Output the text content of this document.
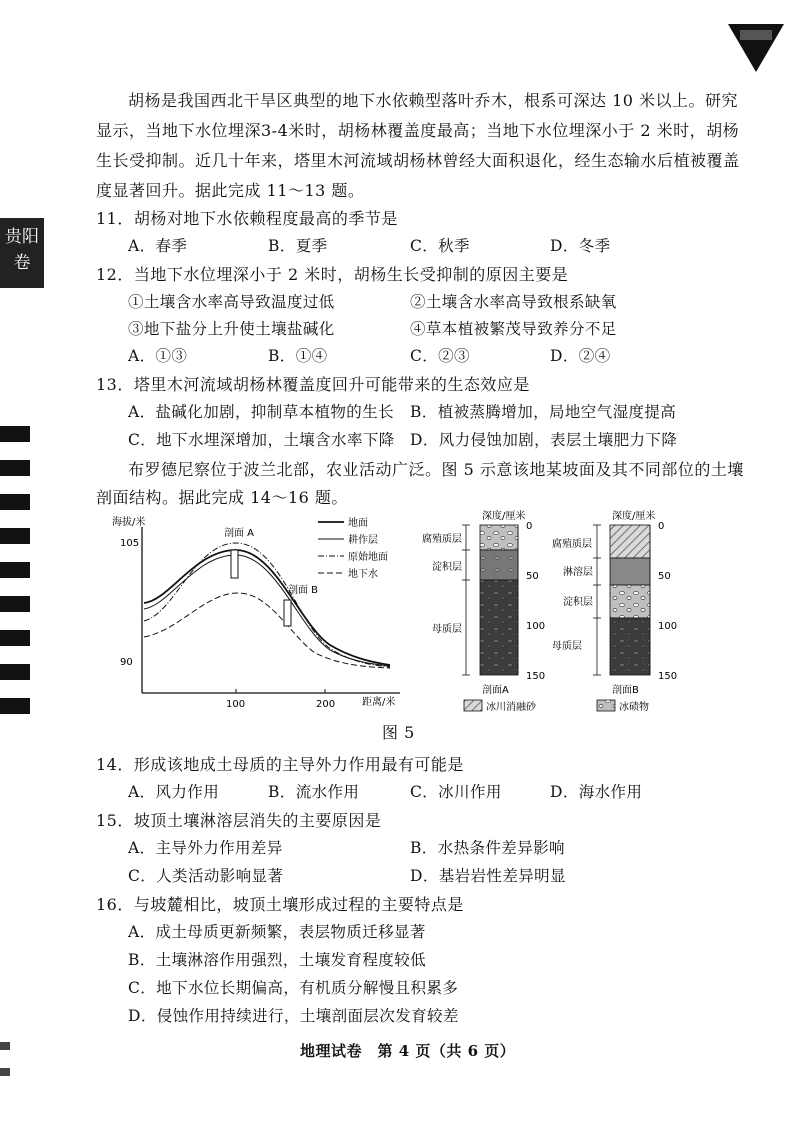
贵阳
卷
胡杨是我国西北干旱区典型的地下水依赖型落叶乔木，根系可深达 10 米以上。研究
显示，当地下水位埋深3-4米时，胡杨林覆盖度最高；当地下水位埋深小于 2 米时，胡杨
生长受抑制。近几十年来，塔里木河流域胡杨林曾经大面积退化，经生态输水后植被覆盖
度显著回升。据此完成 11～13 题。
11．胡杨对地下水依赖程度最高的季节是
A．春季	B．夏季	C．秋季	D．冬季
12．当地下水位埋深小于 2 米时，胡杨生长受抑制的原因主要是
①土壤含水率高导致温度过低	②土壤含水率高导致根系缺氧
③地下盐分上升使土壤盐碱化	④草本植被繁茂导致养分不足
A．①③	B．①④	C．②③	D．②④
13．塔里木河流域胡杨林覆盖度回升可能带来的生态效应是
A．盐碱化加剧，抑制草本植物的生长 B．植被蒸腾增加，局地空气湿度提高
C．地下水埋深增加，土壤含水率下降 D．风力侵蚀加剧，表层土壤肥力下降
布罗德尼察位于波兰北部，农业活动广泛。图 5 示意该地某坡面及其不同部位的土壤
剖面结构。据此完成 14～16 题。
海拔/米
105
90
100	200	距离/米
剖面 A
剖面 B
地面
耕作层
原始地面
地下水
深度/厘米
腐殖质层
淀积层
母质层
0
50
100
150
剖面A
深度/厘米
腐殖质层
淋溶层
淀积层
母质层
0
50
100
150
剖面B
冰川消融砂	冰碛物
图 5
14．形成该地成土母质的主导外力作用最有可能是
A．风力作用	B．流水作用	C．冰川作用	D．海水作用
15．坡顶土壤淋溶层消失的主要原因是
A．主导外力作用差异	B．水热条件差异影响
C．人类活动影响显著	D．基岩岩性差异明显
16．与坡麓相比，坡顶土壤形成过程的主要特点是
A．成土母质更新频繁，表层物质迁移显著
B．土壤淋溶作用强烈，土壤发育程度较低
C．地下水位长期偏高，有机质分解慢且积累多
D．侵蚀作用持续进行，土壤剖面层次发育较差
地理试卷　第 4 页（共 6 页）
